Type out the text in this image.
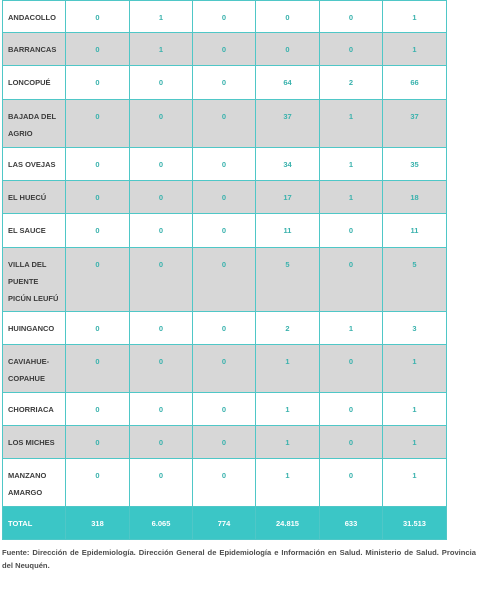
ANDACOLLO	0	1	0	0	0	1
BARRANCAS	0	1	0	0	0	1
LONCOPUÉ	0	0	0	64	2	66
BAJADA DEL AGRIO	0	0	0	37	1	37
LAS OVEJAS	0	0	0	34	1	35
EL HUECÚ	0	0	0	17	1	18
EL SAUCE	0	0	0	11	0	11
VILLA DEL PUENTE PICÚN LEUFÚ	0	0	0	5	0	5
HUINGANCO	0	0	0	2	1	3
CAVIAHUE-COPAHUE	0	0	0	1	0	1
CHORRIACA	0	0	0	1	0	1
LOS MICHES	0	0	0	1	0	1
MANZANO AMARGO	0	0	0	1	0	1
TOTAL	318	6.065	774	24.815	633	31.513
Fuente: Dirección de Epidemiología. Dirección General de Epidemiología e Información en Salud. Ministerio de Salud. Provincia del Neuquén.
